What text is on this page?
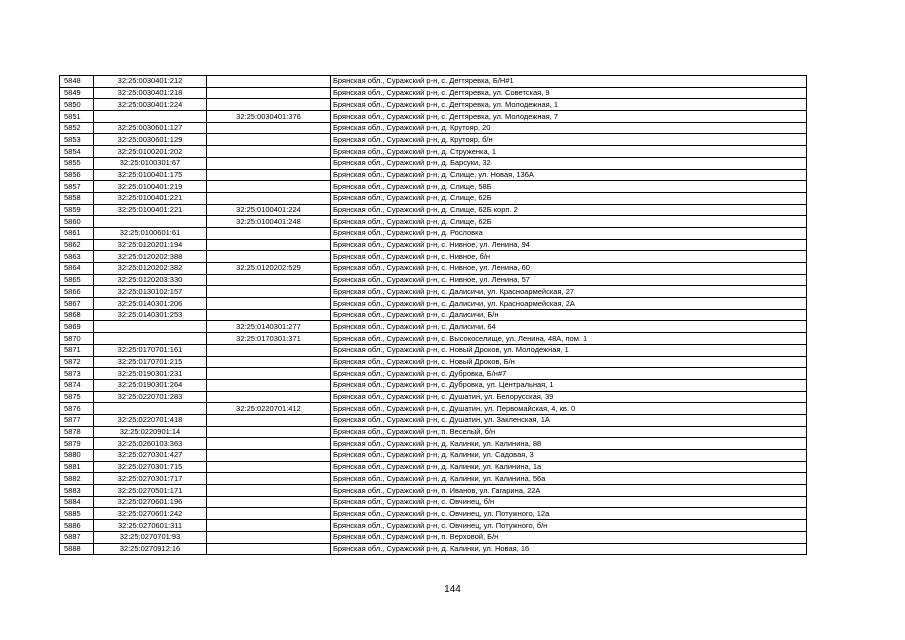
5848	32:25:0030401:212		Брянская обл., Суражский р-н, с. Дегтяревка, Б/Н#1
5849	32:25:0030401:218		Брянская обл., Суражский р-н, с. Дегтяревка, ул. Советская, 9
5850	32:25:0030401:224		Брянская обл., Суражский р-н, с. Дегтяревка, ул. Молодежная, 1
5851		32:25:0030401:376	Брянская обл., Суражский р-н, с. Дегтяревка, ул. Молодежная, 7
5852	32:25:0030601:127		Брянская обл., Суражский р-н, д. Крутояр, 20
5853	32:25:0030601:129		Брянская обл., Суражский р-н, д. Крутояр, б/н
5854	32:25:0100201:202		Брянская обл., Суражский р-н, д. Струженка, 1
5855	32:25:0100301:67		Брянская обл., Суражский р-н, д. Барсуки, 32
5856	32:25:0100401:175		Брянская обл., Суражский р-н, д. Слище, ул. Новая, 136А
5857	32:25:0100401:219		Брянская обл., Суражский р-н, д. Слище, 58Б
5858	32:25:0100401:221		Брянская обл., Суражский р-н, д. Слище, 62Б
5859	32:25:0100401:221	32:25:0100401:224	Брянская обл., Суражский р-н, д. Слище, 62Б корп. 2
5860		32:25:0100401:248	Брянская обл., Суражский р-н, д. Слище, 62Б
5861	32:25:0100601:61		Брянская обл., Суражский р-н, д. Рословка
5862	32:25:0120201:194		Брянская обл., Суражский р-н, с. Нивное, ул. Ленина, 94
5863	32:25:0120202:388		Брянская обл., Суражский р-н, с. Нивное, б/н
5864	32:25:0120202:382	32:25:0120202:529	Брянская обл., Суражский р-н, с. Нивное, ул. Ленина, 60
5865	32:25:0120203:330		Брянская обл., Суражский р-н, с. Нивное, ул. Ленина, 57
5866	32:25:0130102:157		Брянская обл., Суражский р-н, с. Далисичи, ул. Красноармейская, 27
5867	32:25:0140301:206		Брянская обл., Суражский р-н, с. Далисичи, ул. Красноармейская, 2А
5868	32:25:0140301:253		Брянская обл., Суражский р-н, с. Далисичи, Б/н
5869		32:25:0140301:277	Брянская обл., Суражский р-н, с. Далисичи, 64
5870		32:25:0170301:371	Брянская обл., Суражский р-н, с. Высокоселище, ул. Ленина, 48А, пом. 1
5871	32:25:0170701:161		Брянская обл., Суражский р-н, с. Новый Дроков, ул. Молодежная, 1
5872	32:25:0170701:215		Брянская обл., Суражский р-н, с. Новый Дроков, Б/н
5873	32:25:0190301:231		Брянская обл., Суражский р-н, с. Дубровка, Б/н#7
5874	32:25:0190301:264		Брянская обл., Суражский р-н, с. Дубровка, ул. Центральная, 1
5875	32:25:0220701:283		Брянская обл., Суражский р-н, с. Душатин, ул. Белорусская, 39
5876		32:25:0220701:412	Брянская обл., Суражский р-н, с. Душатин, ул. Первомайская, 4, кв. 0
5877	32:25:0220701:418		Брянская обл., Суражский р-н, с. Душатин, ул. Закленская, 1А
5878	32:25:0220901:14		Брянская обл., Суражский р-н, п. Веселый, б/н
5879	32:25:0260103:363		Брянская обл., Суражский р-н, д. Калинки, ул. Калинина, 88
5880	32:25:0270301:427		Брянская обл., Суражский р-н, д. Калинки, ул. Садовая, 3
5881	32:25:0270301:715		Брянская обл., Суражский р-н, д. Калинки, ул. Калинина, 1а
5882	32:25:0270301:717		Брянская обл., Суражский р-н, д. Калинки, ул. Калинина, 56а
5883	32:25:0270501:171		Брянская обл., Суражский р-н, п. Иванов, ул. Гагарина, 22А
5884	32:25:0270601:196		Брянская обл., Суражский р-н, с. Овчинец, б/н
5885	32:25:0270601:242		Брянская обл., Суражский р-н, с. Овчинец, ул. Потужного, 12а
5886	32:25:0270601:311		Брянская обл., Суражский р-н, с. Овчинец, ул. Потужного, б/н
5887	32:25:0270701:93		Брянская обл., Суражский р-н, п. Верховой, Б/н
5888	32:25:0270912:16		Брянская обл., Суражский р-н, д. Калинки, ул. Новая, 16
144
